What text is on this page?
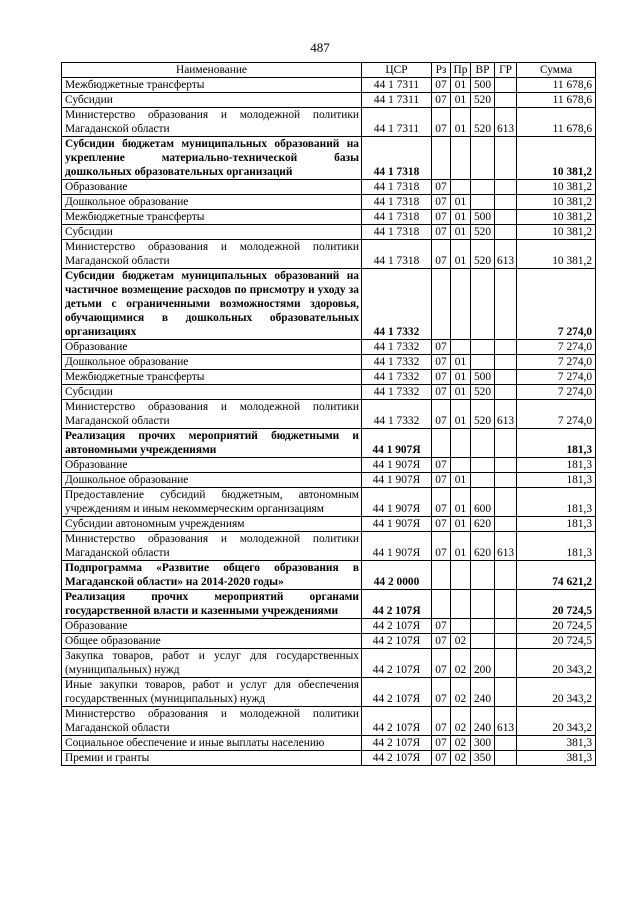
487
Наименование	ЦСР	Рз	Пр	ВР	ГР	Сумма
Межбюджетные трансферты	44 1 7311	07	01	500		11 678,6
Субсидии	44 1 7311	07	01	520		11 678,6
Министерство образования и молодежной политики Магаданской области	44 1 7311	07	01	520	613	11 678,6
Субсидии бюджетам муниципальных образований на укрепление материально-технической базы дошкольных образовательных организаций	44 1 7318					10 381,2
Образование	44 1 7318	07				10 381,2
Дошкольное образование	44 1 7318	07	01			10 381,2
Межбюджетные трансферты	44 1 7318	07	01	500		10 381,2
Субсидии	44 1 7318	07	01	520		10 381,2
Министерство образования и молодежной политики Магаданской области	44 1 7318	07	01	520	613	10 381,2
Субсидии бюджетам муниципальных образований на частичное возмещение расходов по присмотру и уходу за детьми с ограниченными возможностями здоровья, обучающимися в дошкольных образовательных организациях	44 1 7332					7 274,0
Образование	44 1 7332	07				7 274,0
Дошкольное образование	44 1 7332	07	01			7 274,0
Межбюджетные трансферты	44 1 7332	07	01	500		7 274,0
Субсидии	44 1 7332	07	01	520		7 274,0
Министерство образования и молодежной политики Магаданской области	44 1 7332	07	01	520	613	7 274,0
Реализация прочих мероприятий бюджетными и автономными учреждениями	44 1 907Я					181,3
Образование	44 1 907Я	07				181,3
Дошкольное образование	44 1 907Я	07	01			181,3
Предоставление субсидий бюджетным, автономным учреждениям и иным некоммерческим организациям	44 1 907Я	07	01	600		181,3
Субсидии автономным учреждениям	44 1 907Я	07	01	620		181,3
Министерство образования и молодежной политики Магаданской области	44 1 907Я	07	01	620	613	181,3
Подпрограмма «Развитие общего образования в Магаданской области» на 2014-2020 годы»	44 2 0000					74 621,2
Реализация прочих мероприятий органами государственной власти и казенными учреждениями	44 2 107Я					20 724,5
Образование	44 2 107Я	07				20 724,5
Общее образование	44 2 107Я	07	02			20 724,5
Закупка товаров, работ и услуг для государственных (муниципальных) нужд	44 2 107Я	07	02	200		20 343,2
Иные закупки товаров, работ и услуг для обеспечения государственных (муниципальных) нужд	44 2 107Я	07	02	240		20 343,2
Министерство образования и молодежной политики Магаданской области	44 2 107Я	07	02	240	613	20 343,2
Социальное обеспечение и иные выплаты населению	44 2 107Я	07	02	300		381,3
Премии и гранты	44 2 107Я	07	02	350		381,3
